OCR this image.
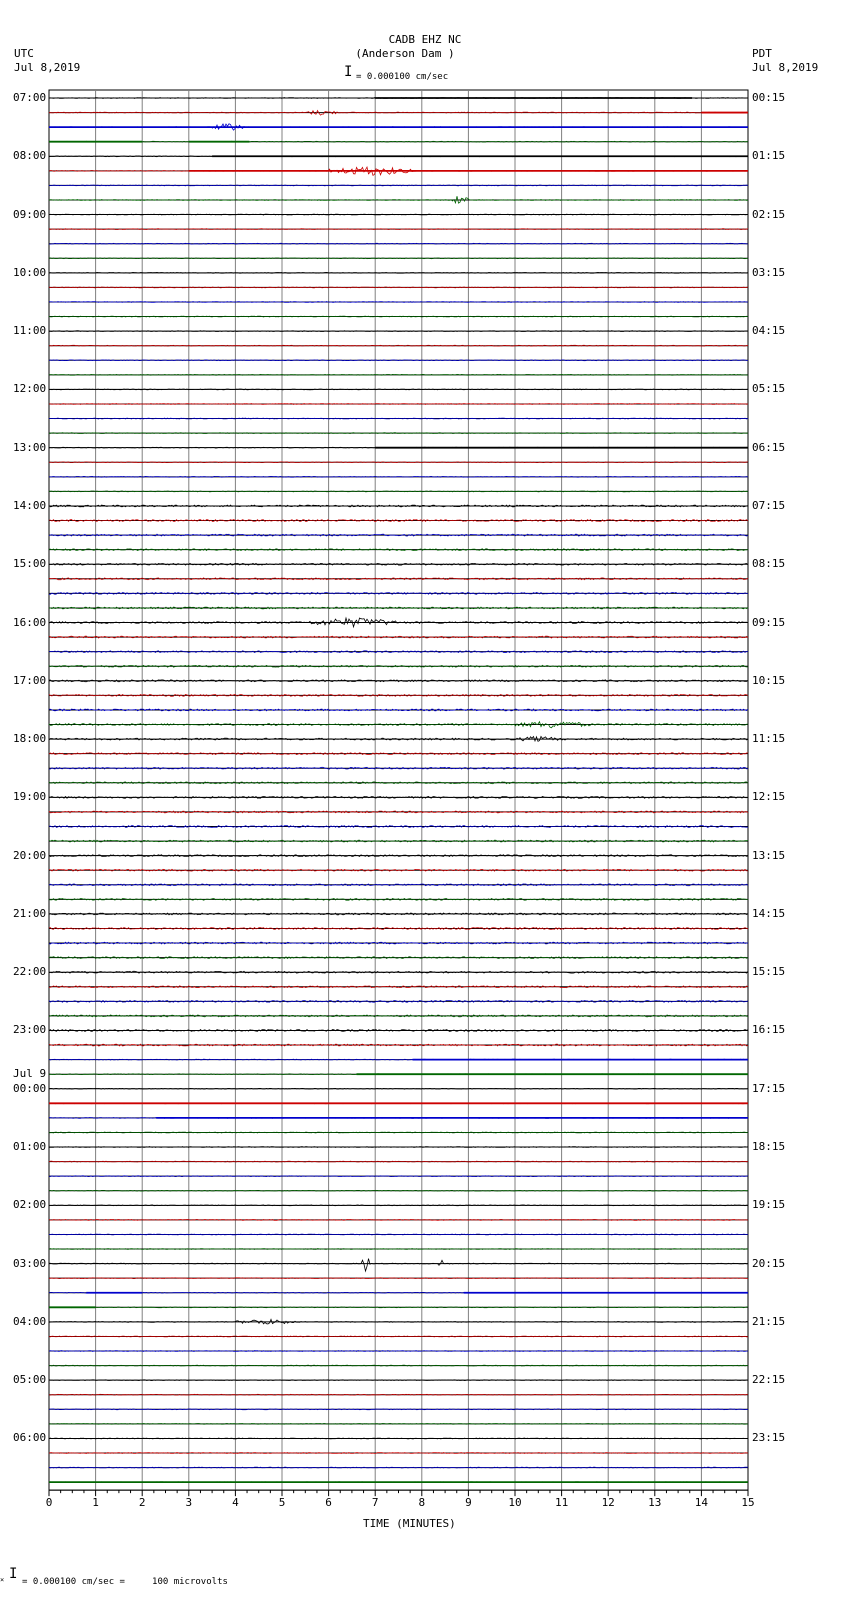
CADB EHZ NC
(Anderson Dam )
I = 0.000100 cm/sec
UTC
Jul 8,2019
PDT
Jul 8,2019
0	1	2	3	4	5	6	7	8	9	10	11	12	13	14	15
07:00
08:00
09:00
10:00
11:00
12:00
13:00
14:00
15:00
16:00
17:00
18:00
19:00
20:00
21:00
22:00
23:00
Jul 9
00:00
01:00
02:00
03:00
04:00
05:00
06:00
00:15
01:15
02:15
03:15
04:15
05:15
06:15
07:15
08:15
09:15
10:15
11:15
12:15
13:15
14:15
15:15
16:15
17:15
18:15
19:15
20:15
21:15
22:15
23:15
TIME (MINUTES)
× I = 0.000100 cm/sec =     100 microvolts
